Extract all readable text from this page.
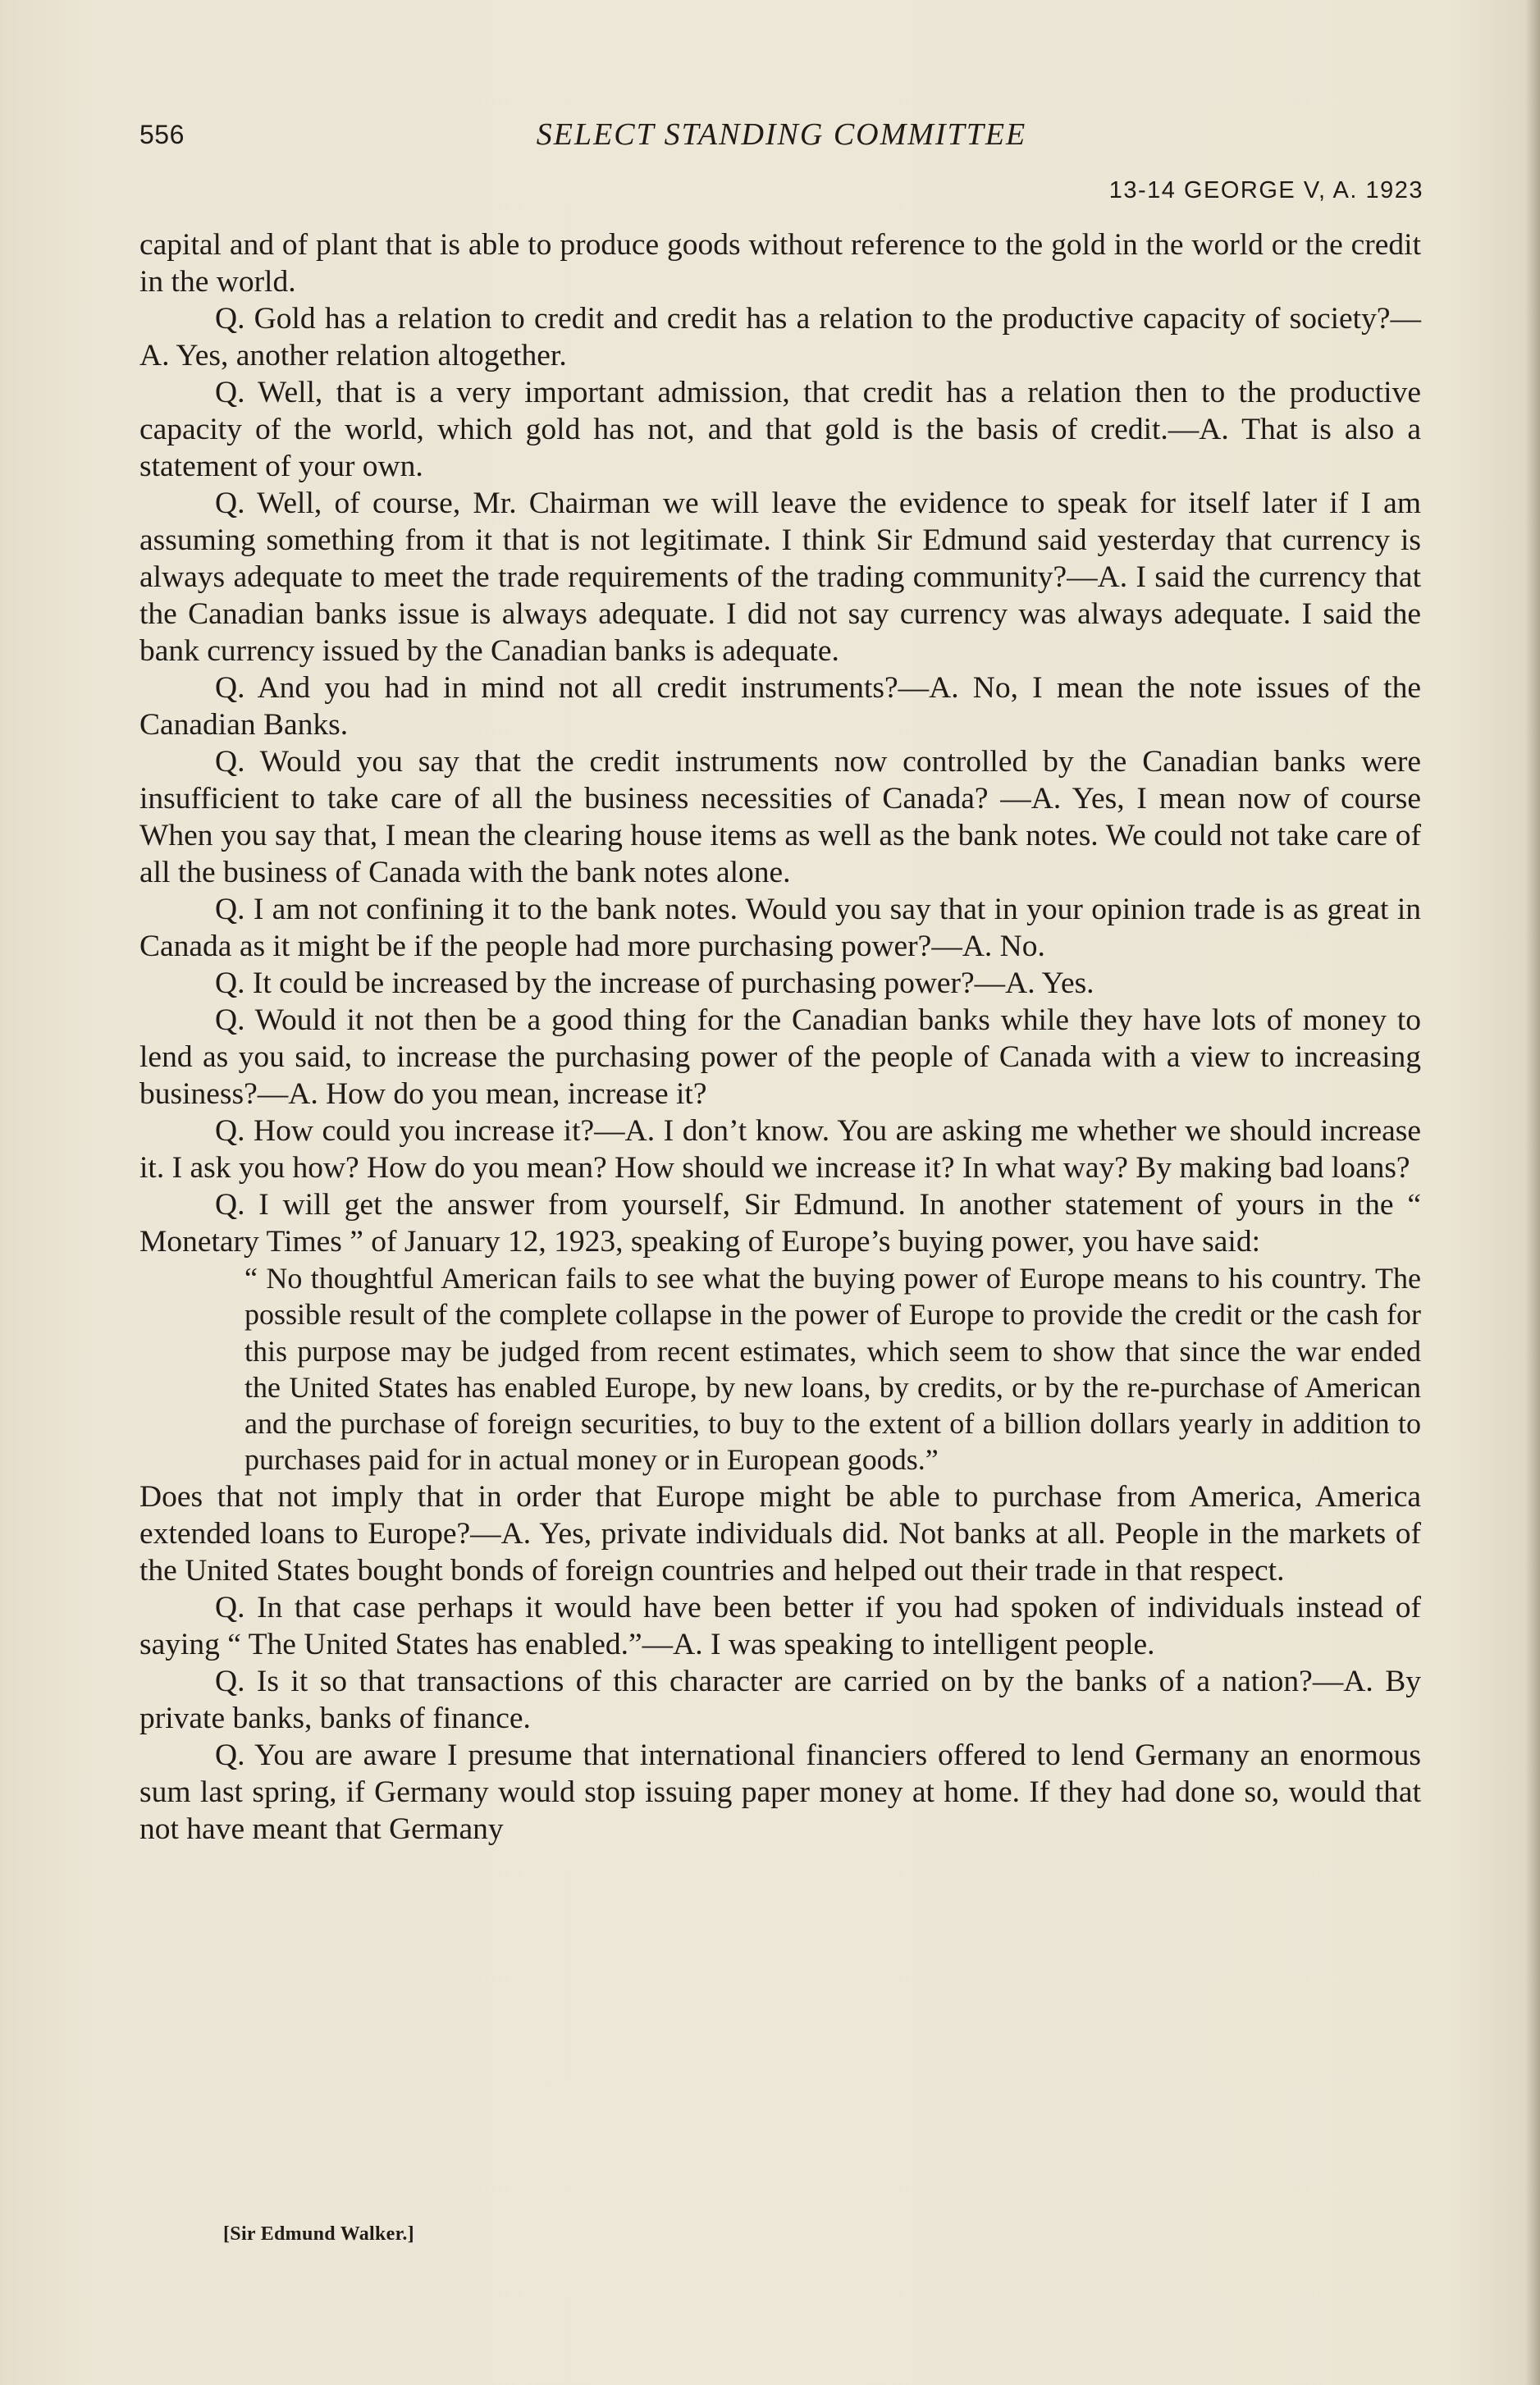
556	SELECT STANDING COMMITTEE
13-14 GEORGE V, A. 1923

capital and of plant that is able to produce goods without reference to the gold in the world or the credit in the world.

Q. Gold has a relation to credit and credit has a relation to the productive capacity of society?—A. Yes, another relation altogether.

Q. Well, that is a very important admission, that credit has a relation then to the productive capacity of the world, which gold has not, and that gold is the basis of credit.—A. That is also a statement of your own.

Q. Well, of course, Mr. Chairman we will leave the evidence to speak for itself later if I am assuming something from it that is not legitimate. I think Sir Edmund said yesterday that currency is always adequate to meet the trade requirements of the trading community?—A. I said the currency that the Canadian banks issue is always adequate. I did not say currency was always adequate. I said the bank currency issued by the Canadian banks is adequate.

Q. And you had in mind not all credit instruments?—A. No, I mean the note issues of the Canadian Banks.

Q. Would you say that the credit instruments now controlled by the Canadian banks were insufficient to take care of all the business necessities of Canada? —A. Yes, I mean now of course When you say that, I mean the clearing house items as well as the bank notes. We could not take care of all the business of Canada with the bank notes alone.

Q. I am not confining it to the bank notes. Would you say that in your opinion trade is as great in Canada as it might be if the people had more purchasing power?—A. No.

Q. It could be increased by the increase of purchasing power?—A. Yes.

Q. Would it not then be a good thing for the Canadian banks while they have lots of money to lend as you said, to increase the purchasing power of the people of Canada with a view to increasing business?—A. How do you mean, increase it?

Q. How could you increase it?—A. I don’t know. You are asking me whether we should increase it. I ask you how? How do you mean? How should we increase it? In what way? By making bad loans?

Q. I will get the answer from yourself, Sir Edmund. In another statement of yours in the “ Monetary Times ” of January 12, 1923, speaking of Europe’s buying power, you have said:

“ No thoughtful American fails to see what the buying power of Europe means to his country. The possible result of the complete collapse in the power of Europe to provide the credit or the cash for this purpose may be judged from recent estimates, which seem to show that since the war ended the United States has enabled Europe, by new loans, by credits, or by the re-purchase of American and the purchase of foreign securities, to buy to the extent of a billion dollars yearly in addition to purchases paid for in actual money or in European goods.”

Does that not imply that in order that Europe might be able to purchase from America, America extended loans to Europe?—A. Yes, private individuals did. Not banks at all. People in the markets of the United States bought bonds of foreign countries and helped out their trade in that respect.

Q. In that case perhaps it would have been better if you had spoken of individuals instead of saying “ The United States has enabled.”—A. I was speaking to intelligent people.

Q. Is it so that transactions of this character are carried on by the banks of a nation?—A. By private banks, banks of finance.

Q. You are aware I presume that international financiers offered to lend Germany an enormous sum last spring, if Germany would stop issuing paper money at home. If they had done so, would that not have meant that Germany

[Sir Edmund Walker.]
